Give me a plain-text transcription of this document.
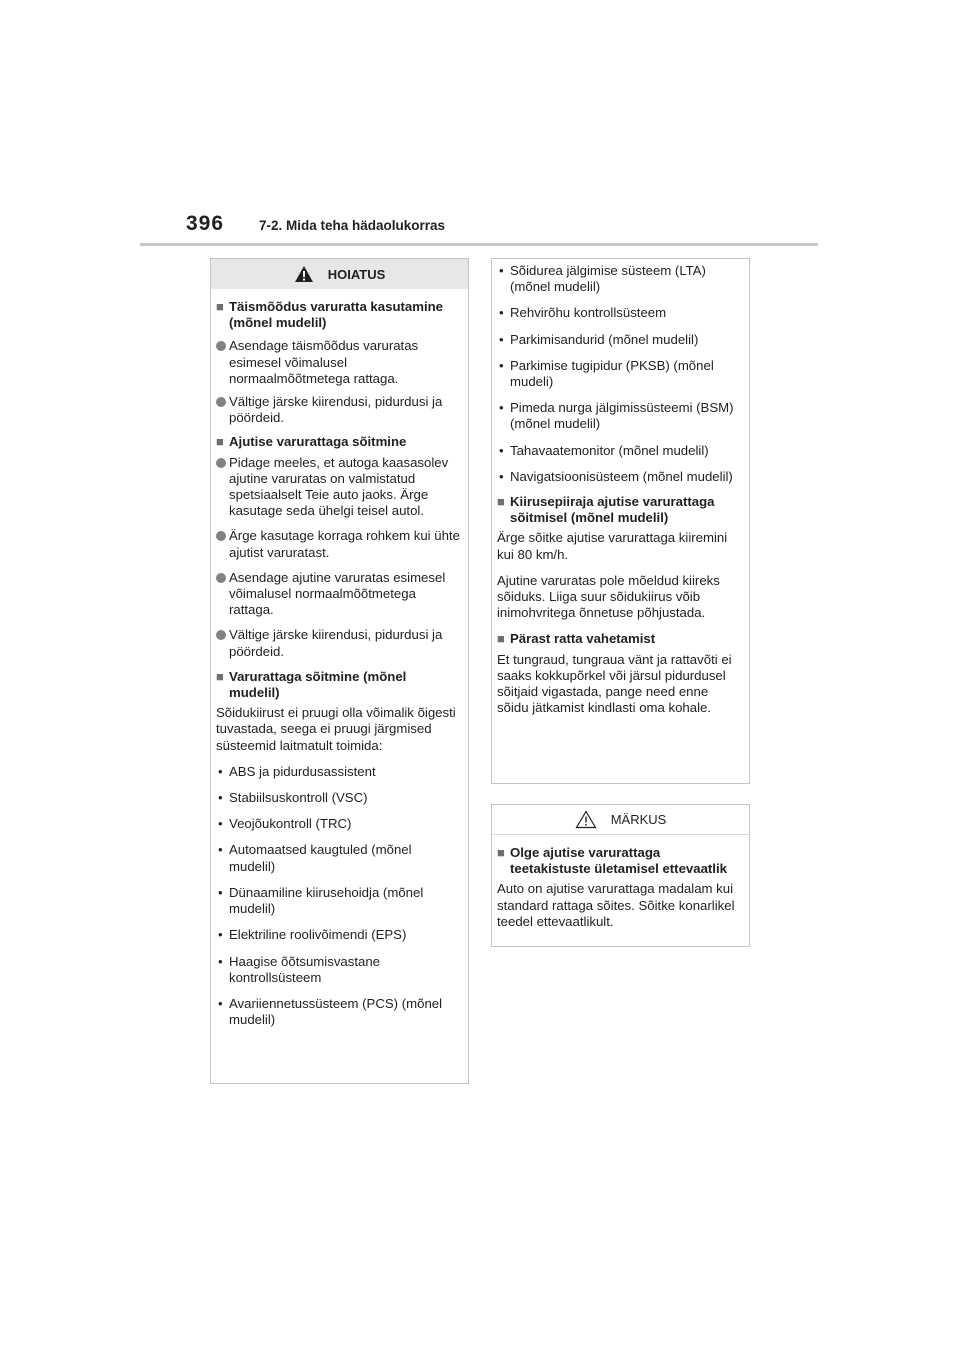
396	7-2. Mida teha hädaolukorras
HOIATUS
■ Täismõõdus varuratta kasutamine (mõnel mudelil)
Asendage täismõõdus varuratas esimesel võimalusel normaalmõõtmetega rattaga.
Vältige järske kiirendusi, pidurdusi ja pöördeid.
■ Ajutise varurattaga sõitmine
Pidage meeles, et autoga kaasasolev ajutine varuratas on valmistatud spetsiaalselt Teie auto jaoks. Ärge kasutage seda ühelgi teisel autol.
Ärge kasutage korraga rohkem kui ühte ajutist varuratast.
Asendage ajutine varuratas esimesel võimalusel normaalmõõtmetega rattaga.
Vältige järske kiirendusi, pidurdusi ja pöördeid.
■ Varurattaga sõitmine (mõnel mudelil)
Sõidukiirust ei pruugi olla võimalik õigesti tuvastada, seega ei pruugi järgmised süsteemid laitmatult toimida:
• ABS ja pidurdusassistent
• Stabiilsuskontroll (VSC)
• Veojõukontroll (TRC)
• Automaatsed kaugtuled (mõnel mudelil)
• Dünaamiline kiirusehoidja (mõnel mudelil)
• Elektriline roolivõimendi (EPS)
• Haagise õõtsumisvastane kontrollsüsteem
• Avariiennetussüsteem (PCS) (mõnel mudelil)
• Sõidurea jälgimise süsteem (LTA) (mõnel mudelil)
• Rehvirõhu kontrollsüsteem
• Parkimisandurid (mõnel mudelil)
• Parkimise tugipidur (PKSB) (mõnel mudeli)
• Pimeda nurga jälgimissüsteemi (BSM) (mõnel mudelil)
• Tahavaatemonitor (mõnel mudelil)
• Navigatsioonisüsteem (mõnel mudelil)
■ Kiirusepiiraja ajutise varurattaga sõitmisel (mõnel mudelil)
Ärge sõitke ajutise varurattaga kiiremini kui 80 km/h.
Ajutine varuratas pole mõeldud kiireks sõiduks. Liiga suur sõidukiirus võib inimohvritega õnnetuse põhjustada.
■ Pärast ratta vahetamist
Et tungraud, tungraua vänt ja rattavõti ei saaks kokkupõrkel või järsul pidurdusel sõitjaid vigastada, pange need enne sõidu jätkamist kindlasti oma kohale.
MÄRKUS
■ Olge ajutise varurattaga teetakistuste ületamisel ettevaatlik
Auto on ajutise varurattaga madalam kui standard rattaga sõites. Sõitke konarlikel teedel ettevaatlikult.
